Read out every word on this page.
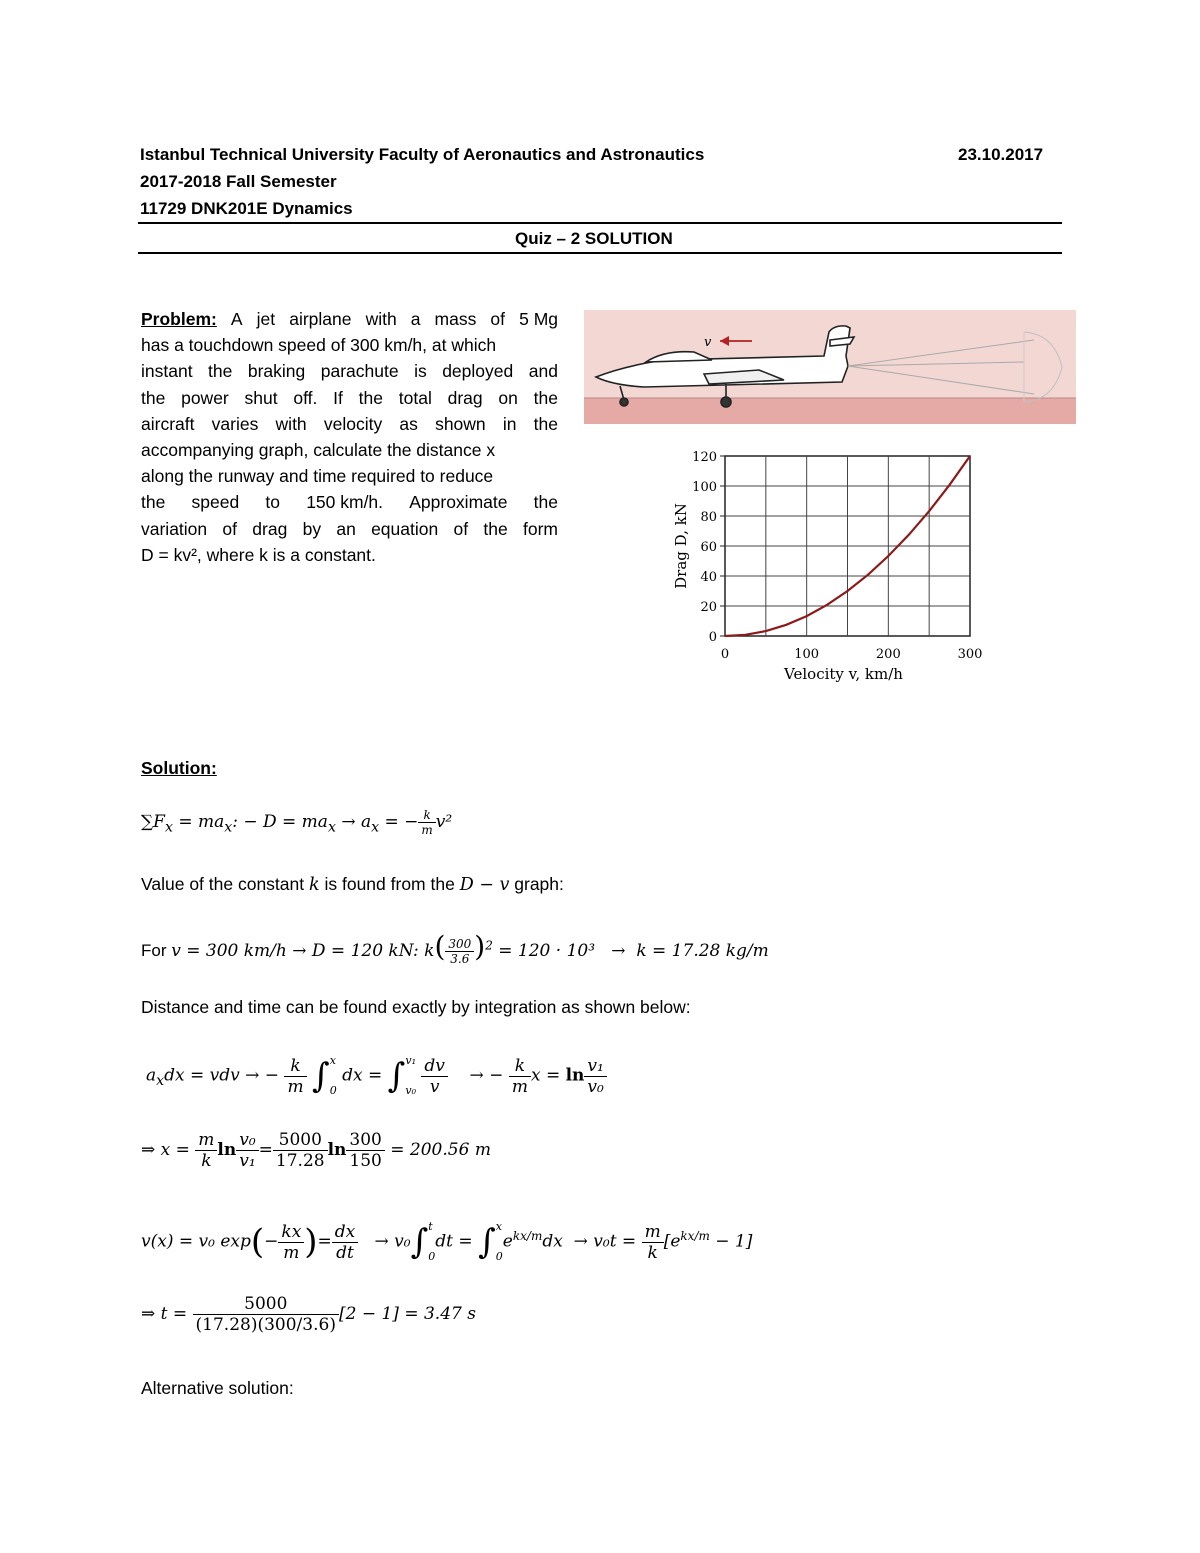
Istanbul Technical University Faculty of Aeronautics and Astronautics	23.10.2017
2017-2018 Fall Semester
11729 DNK201E Dynamics
Quiz – 2 SOLUTION
Problem: A jet airplane with a mass of 5 Mg
has a touchdown speed of 300 km/h, at which
instant the braking parachute is deployed and
the power shut off. If the total drag on the
aircraft varies with velocity as shown in the
accompanying graph, calculate the distance x
along the runway and time required to reduce
the speed to 150 km/h. Approximate the
variation of drag by an equation of the form
D = kv², where k is a constant.
v
0
20
40
60
80
100
120
0	100	200	300
Velocity v, km/h
Drag D, kN
Solution:
$\sum F_x = ma_x$: − $D = ma_x \to a_x$ = − $\frac{k}{m} v^2$
Value of the constant k is found from the D − v graph:
For v = 300 km/h → D = 120 kN: $k( \frac{300}{3.6} )^2 = 120 \cdot 10^3 \to k = 17.28$ kg/m
Distance and time can be found exactly by integration as shown below:
$a_xdx$ = vdv → − $\frac{k}{m}$ ∫ x
0
dx = ∫ v₁
v₀
$\frac{dv}{v}$ → − $\frac{k}{m}$ $x = \ln \frac{\text{v₁}}{\text{v₀}}$
⇒ $x = \frac{m}{k}$ $\ln \frac{\text{v₀}}{\text{v₁}} = \frac{5000}{17.28}$ $\ln \frac{300}{150} = 200.56$ m
v(x) = v₀ $\exp(- \frac{kx}{m}$ )= $\frac{dx}{dt} \to v_0\int$ t
0
dt = ∫ x
0
$e^{kx/m}dx \to v_0t = \frac{m}{k} [e^{kx/m} - 1]$
⇒ $t = \frac{5000}{(17.28)(300/3.6)} [2 - 1] = 3.47$ s
Alternative solution:
